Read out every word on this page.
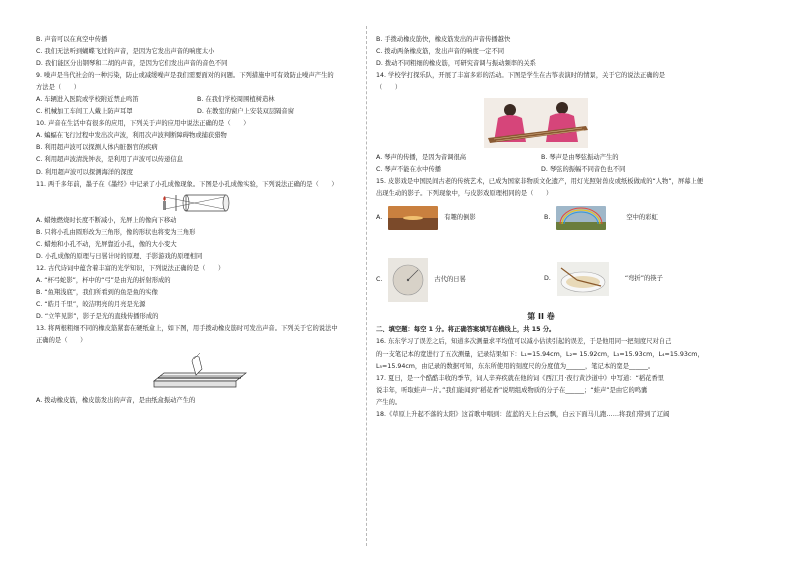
B. 声音可以在真空中传播
C. 我们无法听到蝴蝶飞过的声音，是因为它发出声音的响度太小
D. 我们能区分出钢琴和二胡的声音，是因为它们发出声音的音色不同
9. 噪声是当代社会的一种污染，防止或减缓噪声是我们需要面对的问题。下列措施中可有效防止噪声产生的
方法是（　　）
A. 车辆进入医院或学校附近禁止鸣笛	B. 在我们学校周围植树造林
C. 机械加工车间工人戴上防声耳罩	D. 在教室的窗户上安装双层隔音窗
10. 声音在生活中有很多的应用，下列关于声的应用中说法正确的是（　　）
A. 蝙蝠在飞行过程中发出次声波，利用次声波判断障碍物或捕获猎物
B. 利用超声波可以探测人体内脏器官的疾病
C. 利用超声波清洗钟表，是利用了声波可以传递信息
D. 利用超声波可以探测海洋的深度
11. 两千多年前，墨子在《墨经》中记录了小孔成像现象。下图是小孔成像实验，下列说法正确的是（　　）
A. 蜡烛燃烧时长度不断减小，光屏上的像向下移动
B. 只将小孔由圆形改为三角形，像的形状也将变为三角形
C. 蜡烛和小孔不动，光屏靠近小孔，像的大小变大
D. 小孔成像的原理与日晷计时的原理、手影游戏的原理相同
12. 古代诗词中蕴含着丰富的光学知识，下列说法正确的是（　　）
A. “杯弓蛇影”，杯中的“弓”是由光的折射形成的
B. “鱼翔浅底”，我们所看到的鱼是鱼的实像
C. “皓月千里”，皎洁明亮的月亮是光源
D. “立竿见影”，影子是光的直线传播形成的
13. 将两根粗细不同的橡皮筋紧套在硬纸盒上，如下图，用手拨动橡皮筋时可发出声音。下列关于它的说法中
正确的是（　　）
A. 拨动橡皮筋，橡皮筋发出的声音，是由纸盒振动产生的
B. 手拨动橡皮筋快，橡皮筋发出的声音传播越快
C. 拨动两条橡皮筋，发出声音的响度一定不同
D. 拨动不同粗细的橡皮筋，可研究音调与振动频率的关系
14. 学校学打探乐队，开展了丰富多彩的活动。下图是学生在古筝表演时的情景，关于它的说法正确的是
（　　）
A. 琴声的传播，是因为音调很高	B. 琴声是由琴弦振动产生的
C. 琴声不能在水中传播	D. 琴弦的振幅不同音色也不同
15. 皮影戏是中国民间古老的传统艺术，已成为国家非物质文化遗产，用灯光照射兽皮或纸板做成的“人物”，屏幕上便
出现生动的影子。下列现象中，与皮影戏原理相同的是（　　）
A.	有趣的倒影	B.	空中的彩虹
C.	古代的日晷	D.	“弯折”的筷子
第 II 卷
二、填空题：每空 1 分。将正确答案填写在横线上，共 15 分。
16. 东东学习了误差之后，知道多次测量求平均值可以减小估读引起的误差，于是他用同一把刻度尺对自己
的一支笔记本的宽进行了五次测量，记录结果如下：L₁=15.94cm，L₂= 15.92cm，L₃=15.93cm，L₄=15.93cm，
L₅=15.94cm，由记录的数据可知，东东所使用的刻度尺的分度值为______，笔记本的宽是______。
17. 夏日，是一个酷酷丰收的季节，词人辛弃疾就在他的词《西江月·夜行黄沙道中》中写道：“稻花香里
说丰年，听取蛙声一片。”我们能闻到“稻花香”说明组成物质的分子在______；“蛙声”是由它的鸣囊
产生的。
18.《草原上升起不落的太阳》这首歌中唱到：蓝蓝的天上白云飘，白云下面马儿跑……将我们带到了辽阔
